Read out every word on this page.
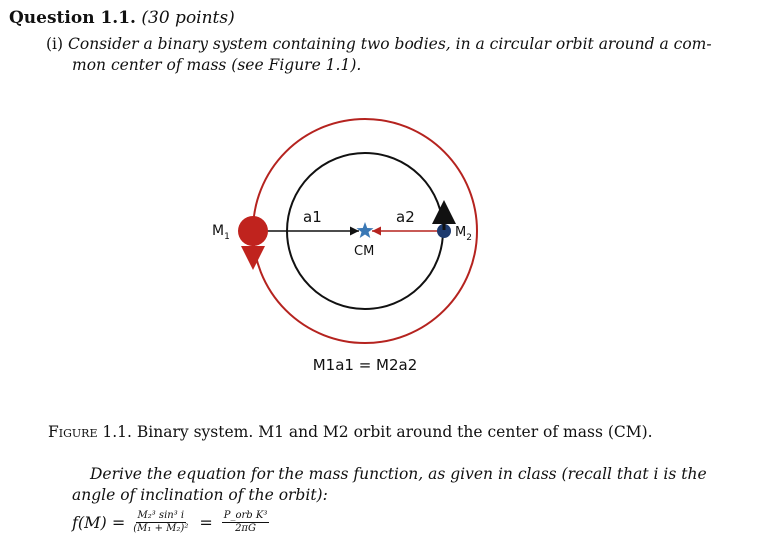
Question 1.1. (30 points)
(i) Consider a binary system containing two bodies, in a circular orbit around a com-
mon center of mass (see Figure 1.1).
$M_1$	$M_2$
a1	a2
CM
M1a1 = M2a2
Figure 1.1. Binary system. M1 and M2 orbit around the center of mass (CM).
Derive the equation for the mass function, as given in class (recall that i is the
angle of inclination of the orbit):
$f(M) = \frac{\text{M₂³ sin³ i}}{\text{(M₁ + M₂)²}} = \frac{\text{P\_orb K³}}{2\pi G}$
